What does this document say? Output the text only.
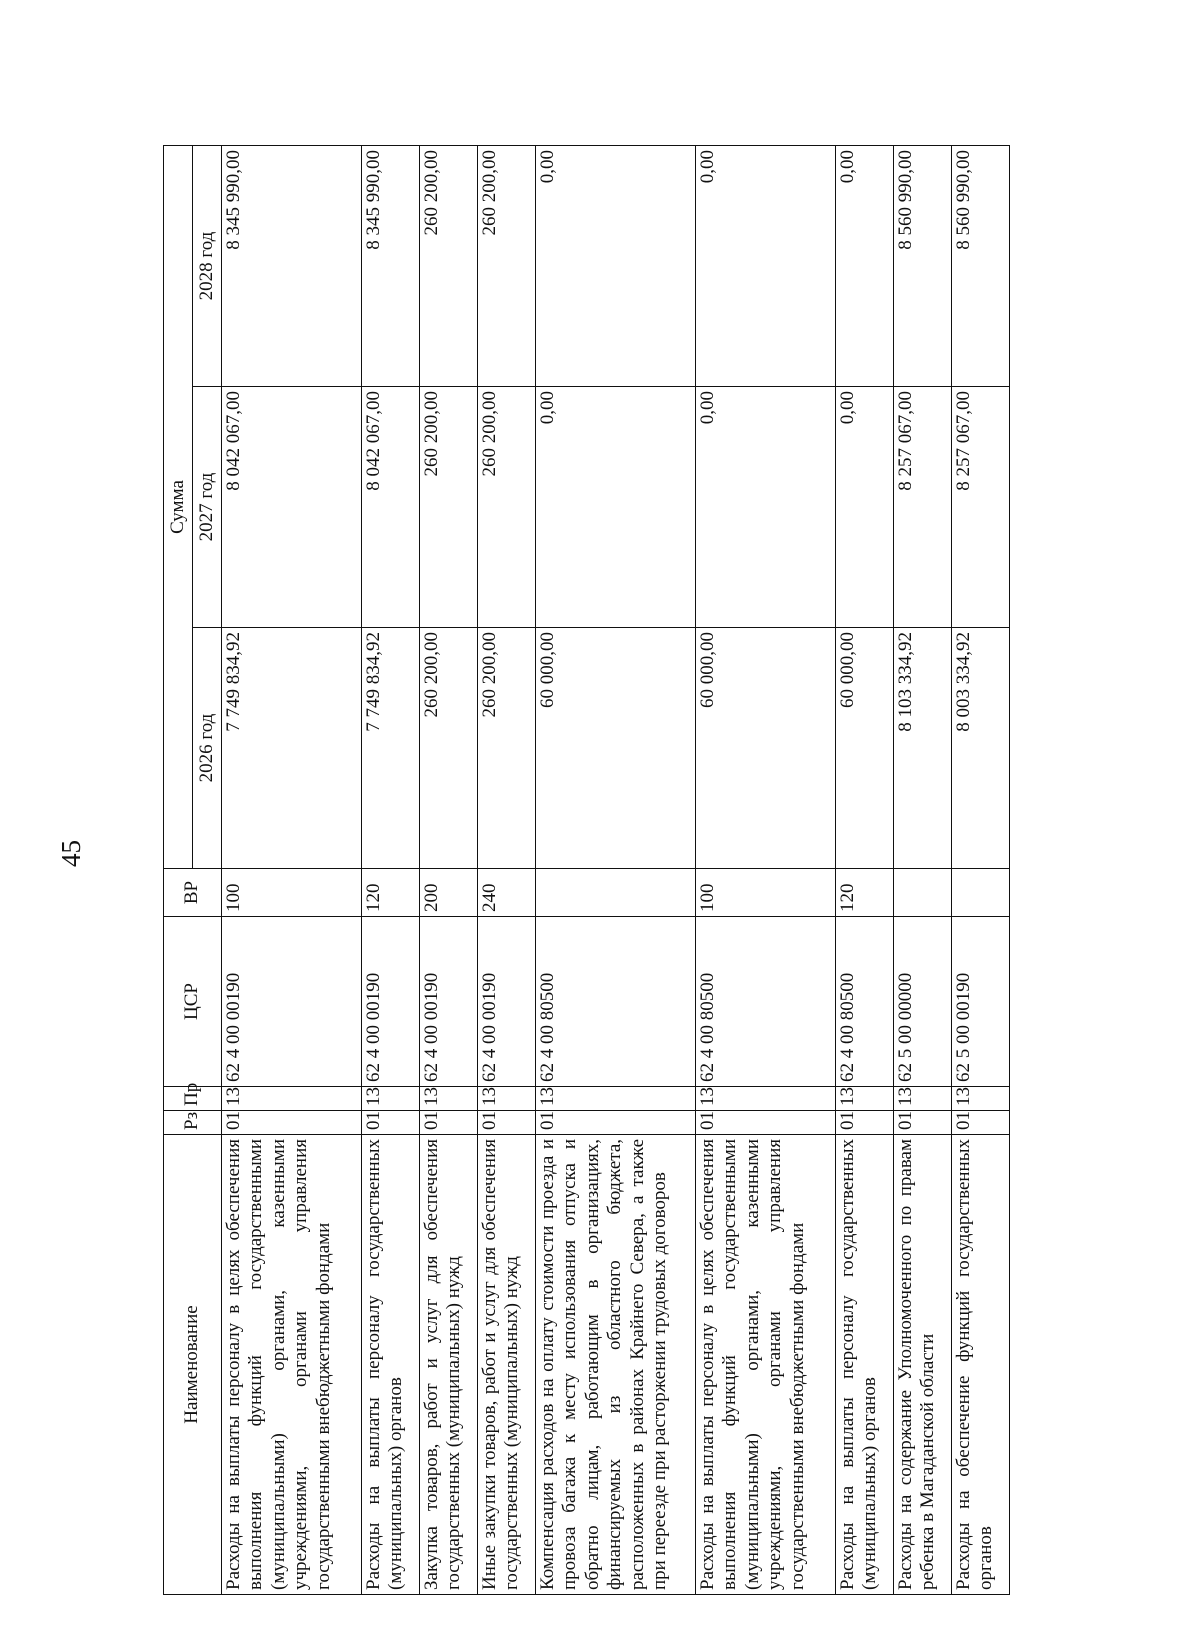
45
Наименование	Рз	Пр	ЦСР	ВР	Сумма		
					2026 год	2027 год	2028 год
Расходы на выплаты персоналу в целях обеспечения выполнения функций государственными (муниципальными) органами, казенными учреждениями, органами управления государственными внебюджетными фондами	01	13	62 4 00 00190	100	7 749 834,92	8 042 067,00	8 345 990,00
Расходы на выплаты персоналу государственных (муниципальных) органов	01	13	62 4 00 00190	120	7 749 834,92	8 042 067,00	8 345 990,00
Закупка товаров, работ и услуг для обеспечения государственных (муниципальных) нужд	01	13	62 4 00 00190	200	260 200,00	260 200,00	260 200,00
Иные закупки товаров, работ и услуг для обеспечения государственных (муниципальных) нужд	01	13	62 4 00 00190	240	260 200,00	260 200,00	260 200,00
Компенсация расходов на оплату стоимости проезда и провоза багажа к месту использования отпуска и обратно лицам, работающим в организациях, финансируемых из областного бюджета, расположенных в районах Крайнего Севера, а также при переезде при расторжении трудовых договоров	01	13	62 4 00 80500		60 000,00	0,00	0,00
Расходы на выплаты персоналу в целях обеспечения выполнения функций государственными (муниципальными) органами, казенными учреждениями, органами управления государственными внебюджетными фондами	01	13	62 4 00 80500	100	60 000,00	0,00	0,00
Расходы на выплаты персоналу государственных (муниципальных) органов	01	13	62 4 00 80500	120	60 000,00	0,00	0,00
Расходы на содержание Уполномоченного по правам ребенка в Магаданской области	01	13	62 5 00 00000		8 103 334,92	8 257 067,00	8 560 990,00
Расходы на обеспечение функций государственных органов	01	13	62 5 00 00190		8 003 334,92	8 257 067,00	8 560 990,00
